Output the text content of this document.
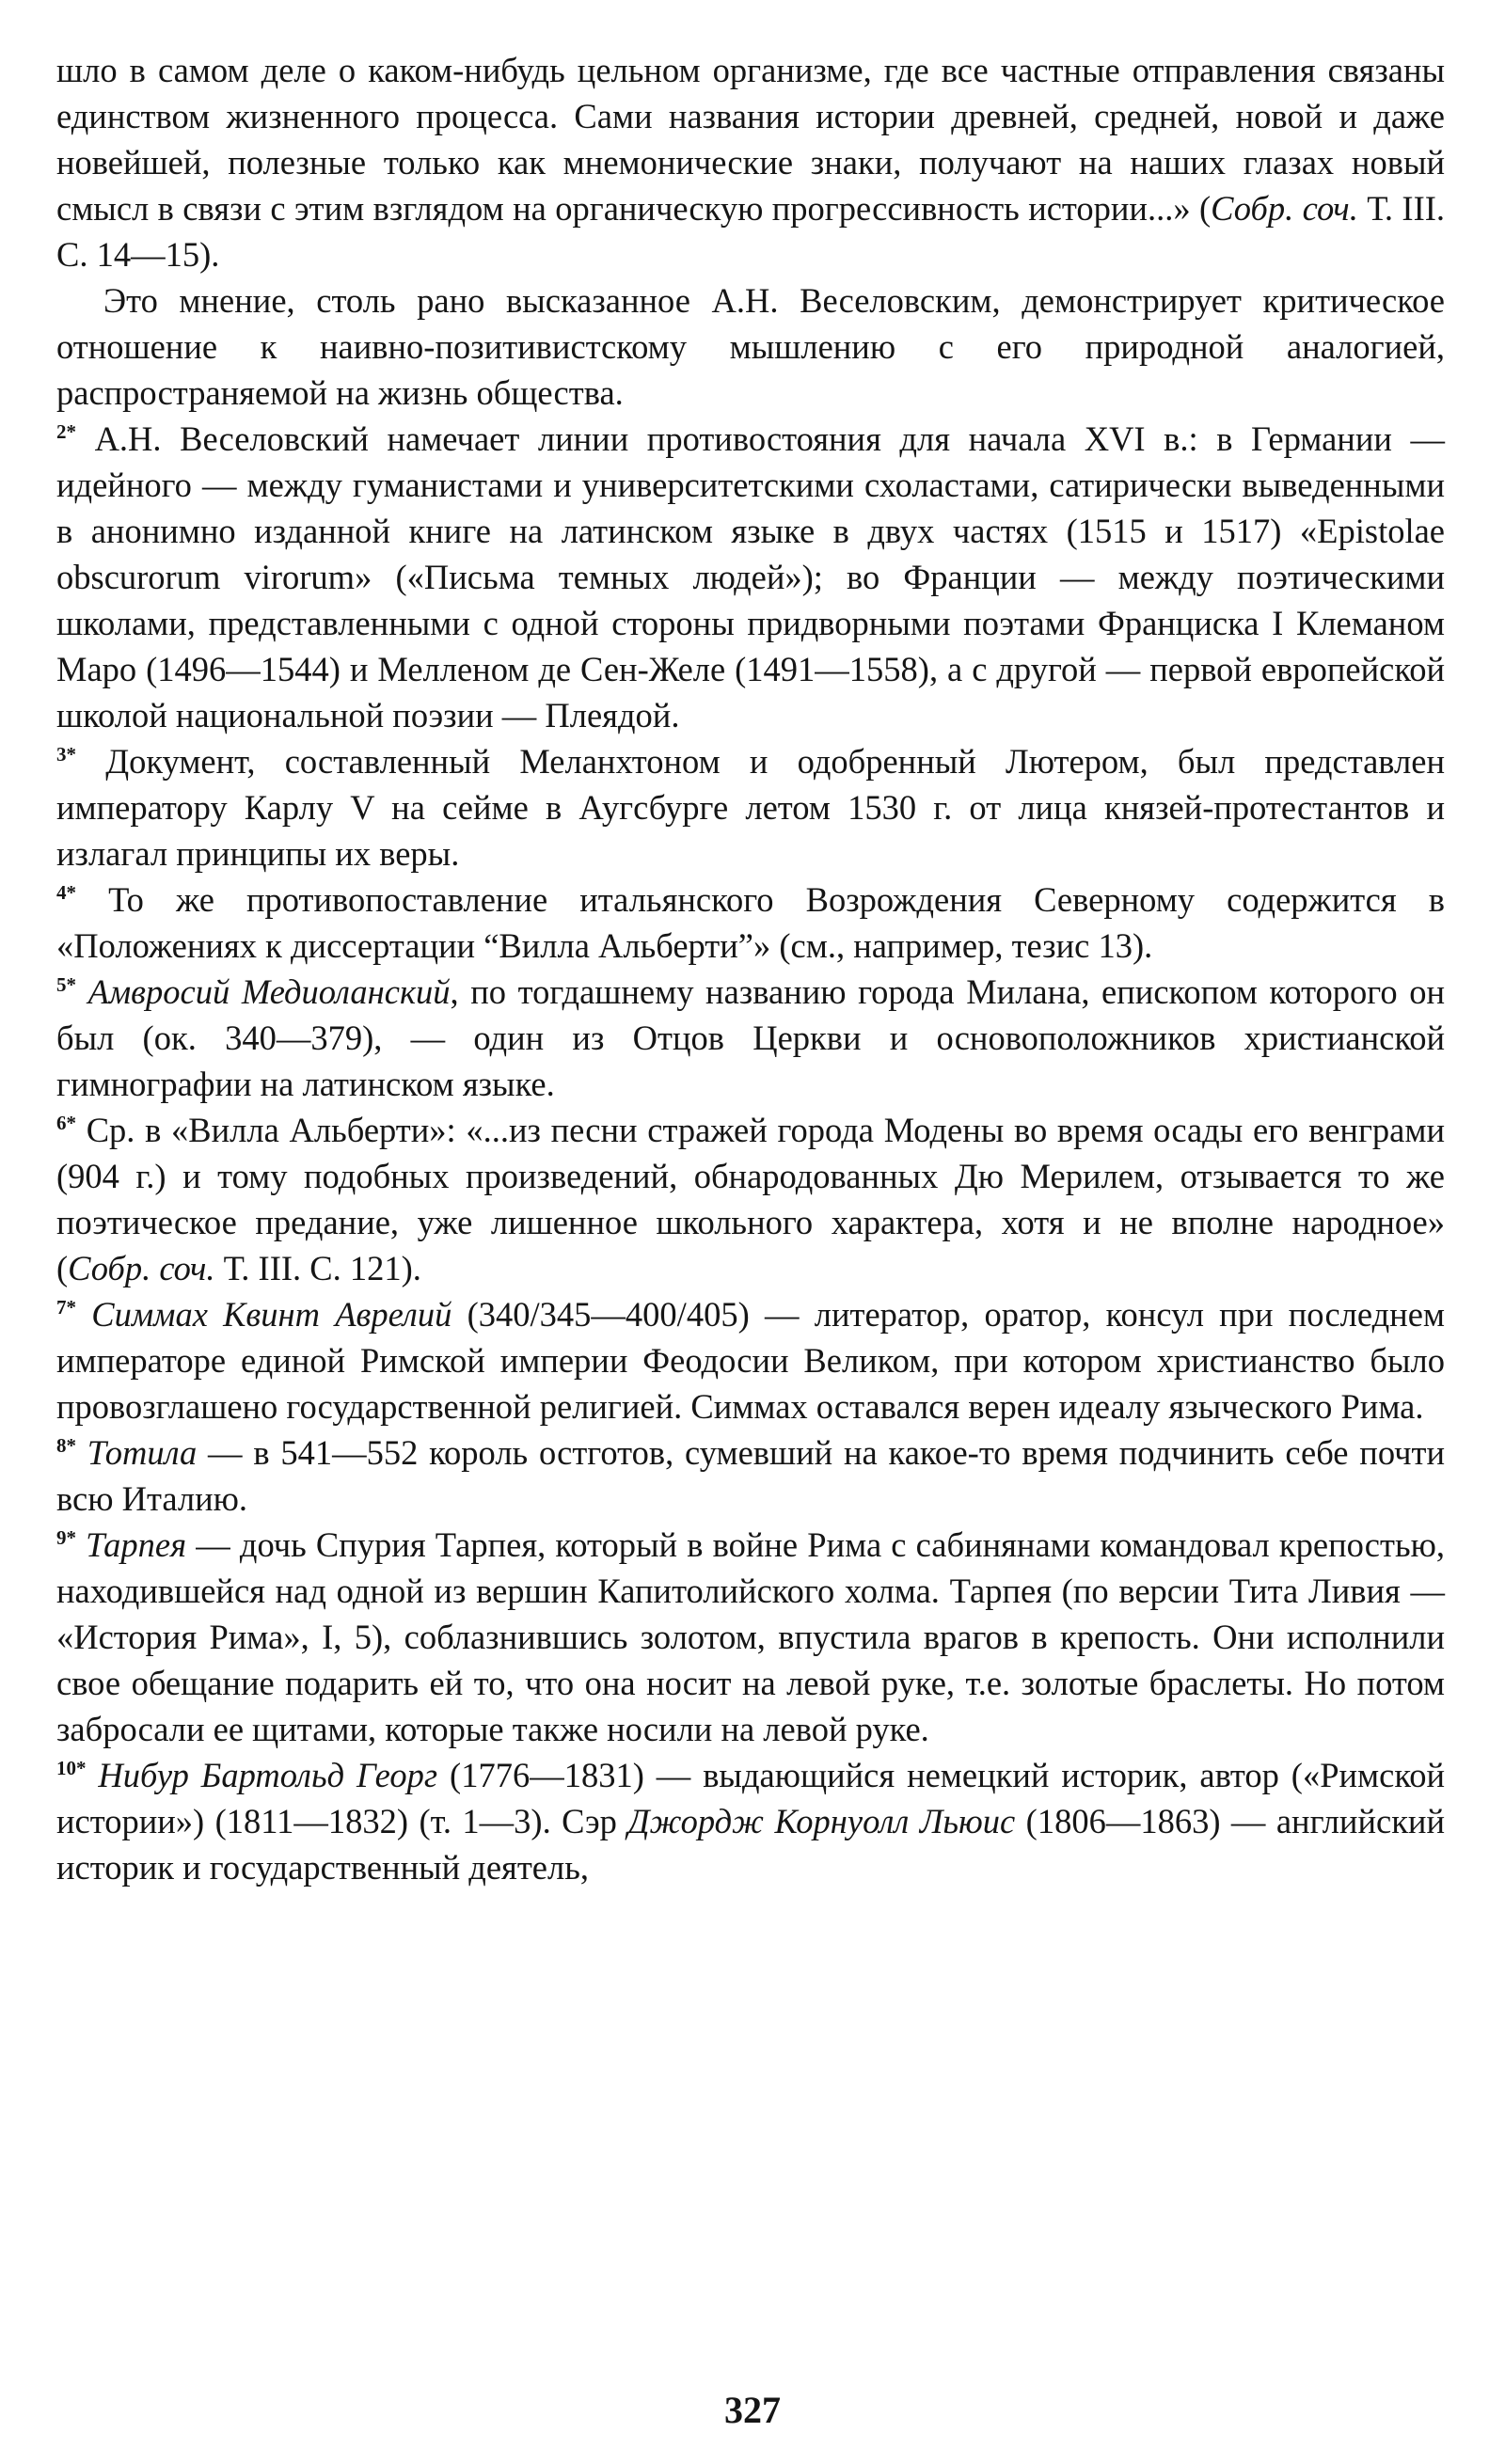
шло в самом деле о каком-нибудь цельном организме, где все частные отправления связаны единством жизненного процесса. Сами названия истории древней, средней, новой и даже новейшей, полезные только как мнемонические знаки, получают на наших глазах новый смысл в связи с этим взглядом на органическую прогрессивность истории...» (Собр. соч. Т. III. С. 14—15).

Это мнение, столь рано высказанное А.Н. Веселовским, демонстрирует критическое отношение к наивно-позитивистскому мышлению с его природной аналогией, распространяемой на жизнь общества.

$^{2*}$ А.Н. Веселовский намечает линии противостояния для начала XVI в.: в Германии — идейного — между гуманистами и университетскими схоластами, сатирически выведенными в анонимно изданной книге на латинском языке в двух частях (1515 и 1517) «Epistolae obscurorum virorum» («Письма темных людей»); во Франции — между поэтическими школами, представленными с одной стороны придворными поэтами Франциска I Клеманом Маро (1496—1544) и Мелленом де Сен-Желе (1491—1558), а с другой — первой европейской школой национальной поэзии — Плеядой.

$^{3*}$ Документ, составленный Меланхтоном и одобренный Лютером, был представлен императору Карлу V на сейме в Аугсбурге летом 1530 г. от лица князей-протестантов и излагал принципы их веры.

$^{4*}$ То же противопоставление итальянского Возрождения Северному содержится в «Положениях к диссертации “Вилла Альберти”» (см., например, тезис 13).

$^{5*}$ Амвросий Медиоланский, по тогдашнему названию города Милана, епископом которого он был (ок. 340—379), — один из Отцов Церкви и основоположников христианской гимнографии на латинском языке.

$^{6*}$ Ср. в «Вилла Альберти»: «...из песни стражей города Модены во время осады его венграми (904 г.) и тому подобных произведений, обнародованных Дю Мерилем, отзывается то же поэтическое предание, уже лишенное школьного характера, хотя и не вполне народное» (Собр. соч. Т. III. С. 121).

$^{7*}$ Симмах Квинт Аврелий (340/345—400/405) — литератор, оратор, консул при последнем императоре единой Римской империи Феодосии Великом, при котором христианство было провозглашено государственной религией. Симмах оставался верен идеалу языческого Рима.

$^{8*}$ Тотила — в 541—552 король остготов, сумевший на какое-то время подчинить себе почти всю Италию.

$^{9*}$ Тарпея — дочь Спурия Тарпея, который в войне Рима с сабинянами командовал крепостью, находившейся над одной из вершин Капитолийского холма. Тарпея (по версии Тита Ливия — «История Рима», I, 5), соблазнившись золотом, впустила врагов в крепость. Они исполнили свое обещание подарить ей то, что она носит на левой руке, т.е. золотые браслеты. Но потом забросали ее щитами, которые также носили на левой руке.

$^{10*}$ Нибур Бартольд Георг (1776—1831) — выдающийся немецкий историк, автор («Римской истории») (1811—1832) (т. 1—3). Сэр Джордж Корнуолл Льюис (1806—1863) — английский историк и государственный деятель,

327
